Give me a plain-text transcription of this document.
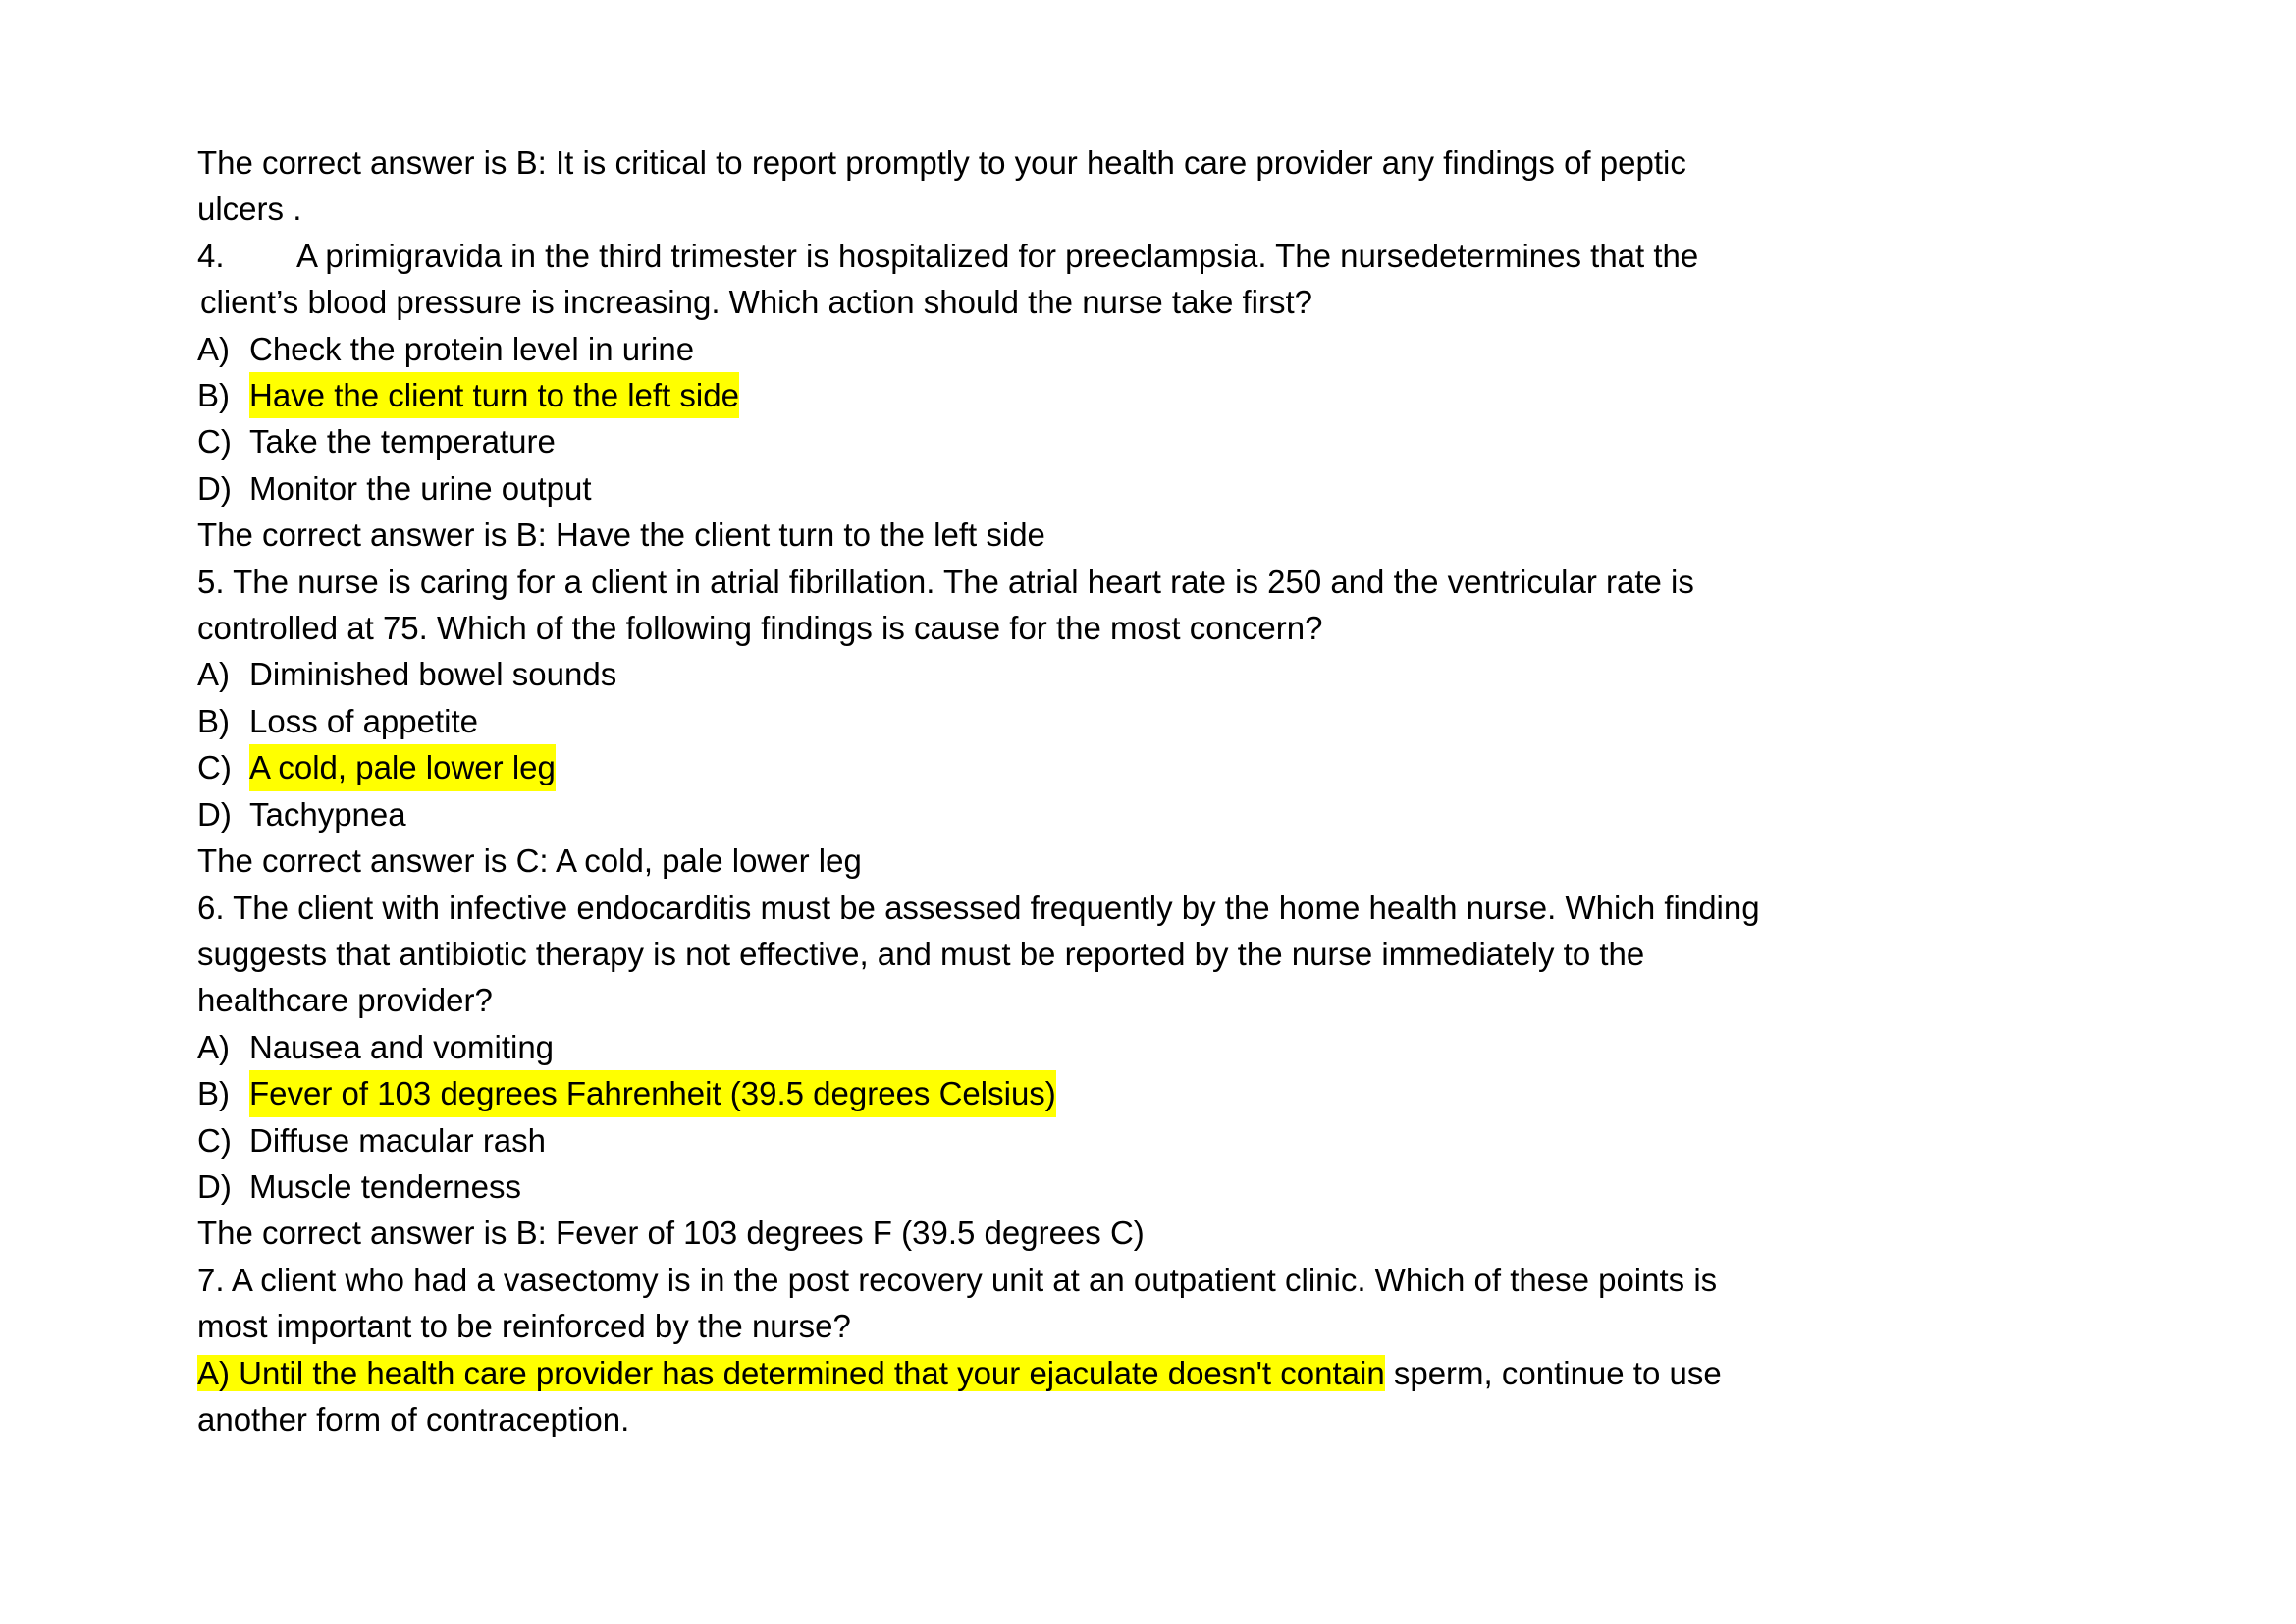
The correct answer is B: It is critical to report promptly to your health care provider any findings of peptic
ulcers .
4. A primigravida in the third trimester is hospitalized for preeclampsia. The nursedetermines that the
client’s blood pressure is increasing. Which action should the nurse take first?
A) Check the protein level in urine
B) Have the client turn to the left side
C) Take the temperature
D) Monitor the urine output
The correct answer is B: Have the client turn to the left side
5. The nurse is caring for a client in atrial fibrillation. The atrial heart rate is 250 and the ventricular rate is
controlled at 75. Which of the following findings is cause for the most concern?
A) Diminished bowel sounds
B) Loss of appetite
C) A cold, pale lower leg
D) Tachypnea
The correct answer is C: A cold, pale lower leg
6. The client with infective endocarditis must be assessed frequently by the home health nurse. Which finding
suggests that antibiotic therapy is not effective, and must be reported by the nurse immediately to the
healthcare provider?
A) Nausea and vomiting
B) Fever of 103 degrees Fahrenheit (39.5 degrees Celsius)
C) Diffuse macular rash
D) Muscle tenderness
The correct answer is B: Fever of 103 degrees F (39.5 degrees C)
7. A client who had a vasectomy is in the post recovery unit at an outpatient clinic. Which of these points is
most important to be reinforced by the nurse?
A) Until the health care provider has determined that your ejaculate doesn't contain sperm, continue to use
another form of contraception.
